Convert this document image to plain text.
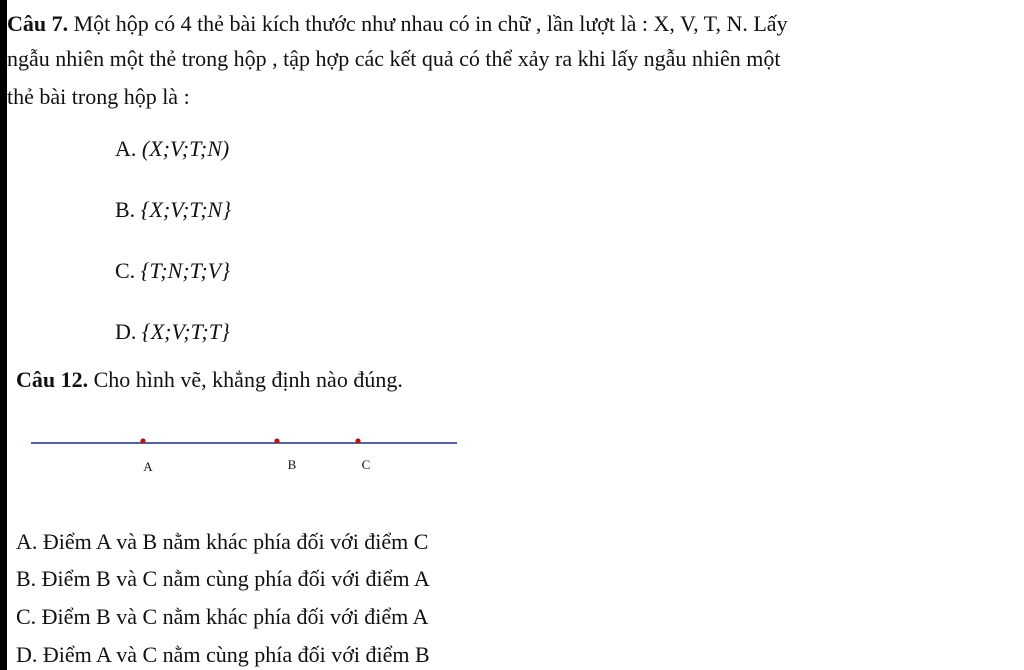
Câu 7. Một hộp có 4 thẻ bài kích thước như nhau có in chữ , lần lượt là : X, V, T, N. Lấy
ngẫu nhiên một thẻ trong hộp , tập hợp các kết quả có thể xảy ra khi lấy ngẫu nhiên một
thẻ bài trong hộp là :
A. (X;V;T;N)
B. {X;V;T;N}
C. {T;N;T;V}
D. {X;V;T;T}
Câu 12. Cho hình vẽ, khẳng định nào đúng.
A	B	C
A. Điểm A và B nằm khác phía đối với điểm C
B. Điểm B và C nằm cùng phía đối với điểm A
C. Điểm B và C nằm khác phía đối với điểm A
D. Điểm A và C nằm cùng phía đối với điểm B
